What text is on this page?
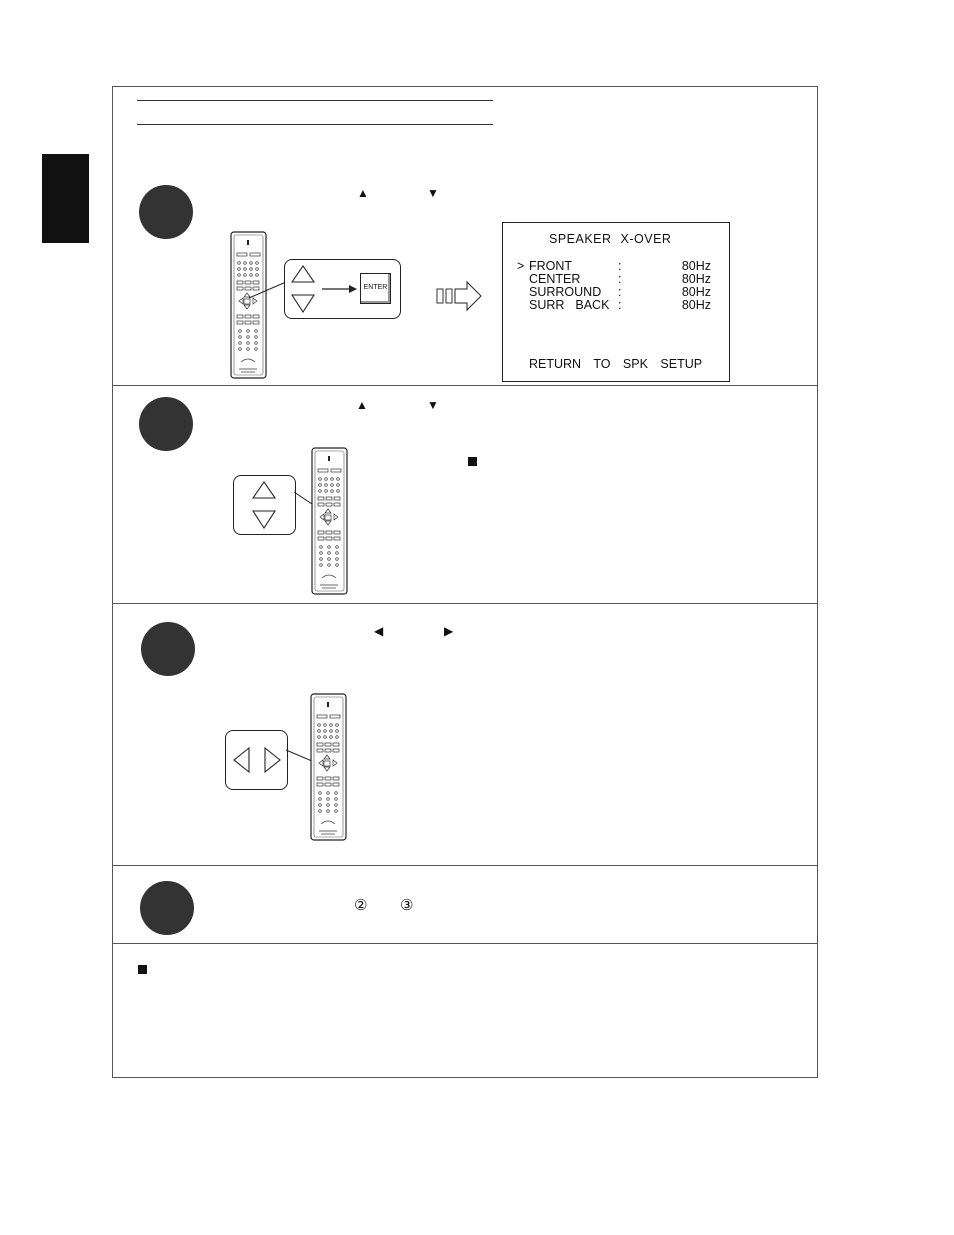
▲	▼
ENTER
SPEAKER X-OVER
> FRONT	:	80Hz
CENTER	:	80Hz
SURROUND :	80Hz
SURR  BACK :	80Hz
RETURN TO SPK SETUP
▲	▼
◀	▶
② ③
